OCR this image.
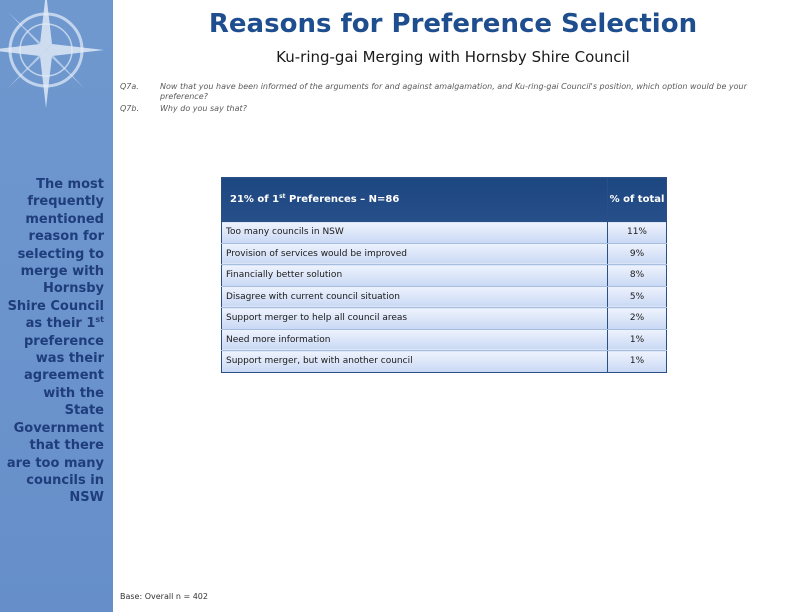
The most frequently mentioned reason for selecting to merge with Hornsby Shire Council as their 1st preference was their agreement with the State Government that there are too many councils in NSW
Reasons for Preference Selection
Ku-ring-gai Merging with Hornsby Shire Council
Q7a.	Now that you have been informed of the arguments for and against amalgamation, and Ku-ring-gai Council's position, which option would be your preference?
Q7b.	Why do you say that?
21% of 1st Preferences – N=86	% of total
Too many councils in NSW	11%
Provision of services would be improved	9%
Financially better solution	8%
Disagree with current council situation	5%
Support merger to help all council areas	2%
Need more information	1%
Support merger, but with another council	1%
Base: Overall n = 402
